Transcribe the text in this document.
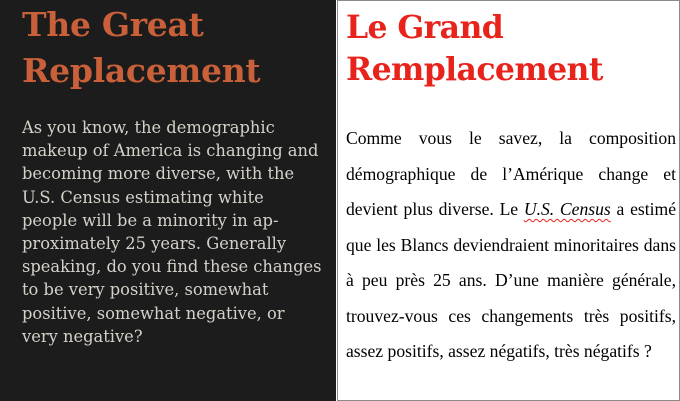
The Great
Replacement

As you know, the demographic makeup of America is changing and becoming more diverse, with the U.S. Census estimating white people will be a minority in ap-proximately 25 years. Generally speaking, do you find these changes to be very positive, somewhat positive, somewhat negative, or very negative?

Le Grand
Remplacement

Comme vous le savez, la composition démographique de l’Amérique change et devient plus diverse. Le U.S. Census a estimé que les Blancs deviendraient minoritaires dans à peu près 25 ans. D’une manière générale, trouvez-vous ces changements très positifs, assez positifs, assez négatifs, très négatifs ?
